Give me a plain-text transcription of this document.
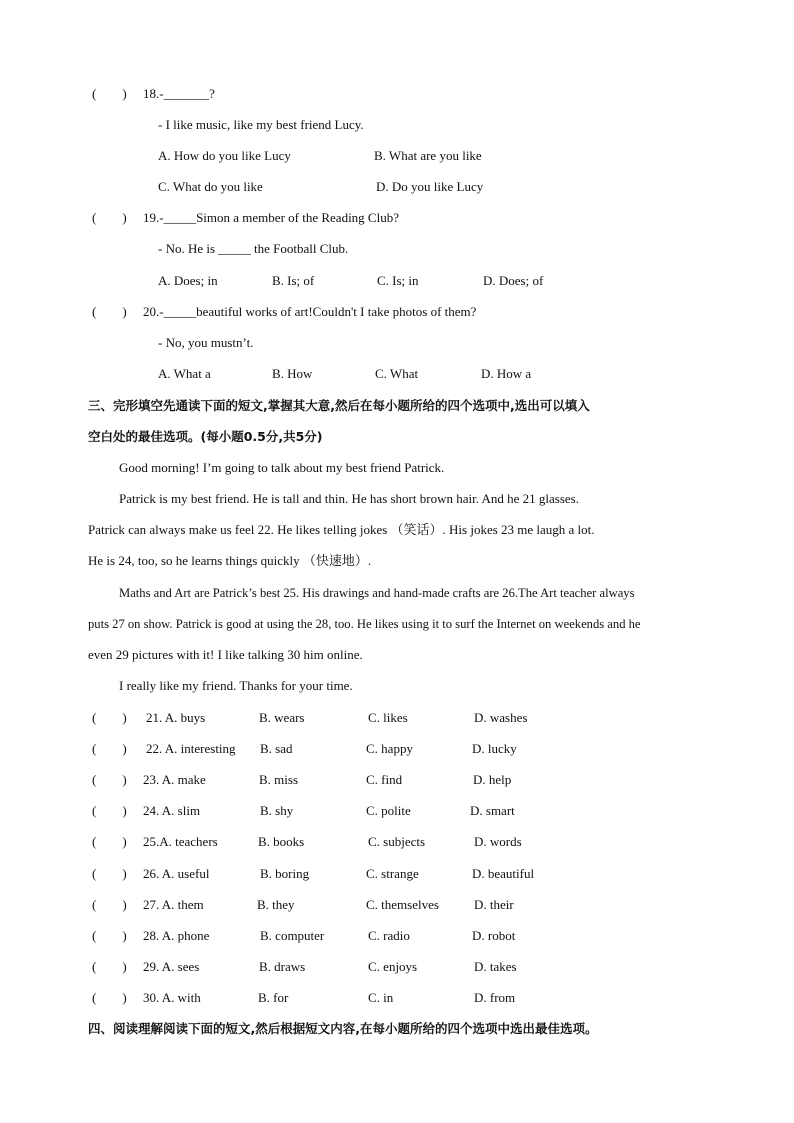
(　　) 18.-_______?
- I like music, like my best friend Lucy.
A. How do you like Lucy	B. What are you like
C. What do you like	D. Do you like Lucy
(　　) 19.-_____Simon a member of the Reading Club?
- No. He is _____ the Football Club.
A. Does; in	B. Is; of	C. Is; in	D. Does; of
(　　) 20.-_____beautiful works of art!Couldn't I take photos of them?
- No, you mustn’t.
A. What a	B. How	C. What	D. How a
三、完形填空先通读下面的短文,掌握其大意,然后在每小题所给的四个选项中,选出可以填入
空白处的最佳选项。(每小题0.5分,共5分)
Good morning! I’m going to talk about my best friend Patrick.
Patrick is my best friend. He is tall and thin. He has short brown hair. And he 21 glasses.
Patrick can always make us feel 22. He likes telling jokes （笑话）. His jokes 23 me laugh a lot.
He is 24, too, so he learns things quickly （快速地）.
Maths and Art are Patrick’s best 25. His drawings and hand-made crafts are 26.The Art teacher always
puts 27 on show. Patrick is good at using the 28, too. He likes using it to surf the Internet on weekends and he
even 29 pictures with it! I like talking 30 him online.
I really like my friend. Thanks for your time.
(　　) 21. A. buys	B. wears	C. likes	D. washes
(　　) 22. A. interesting B. sad	C. happy	D. lucky
(　　) 23. A. make	B. miss	C. find	D. help
(　　) 24. A. slim	B. shy	C. polite	D. smart
(　　) 25.A. teachers	B. books	C. subjects	D. words
(　　) 26. A. useful	B. boring	C. strange	D. beautiful
(　　) 27. A. them	B. they	C. themselves	D. their
(　　) 28. A. phone	B. computer	C. radio	D. robot
(　　) 29. A. sees	B. draws	C. enjoys	D. takes
(　　) 30. A. with	B. for	C. in	D. from
四、阅读理解阅读下面的短文,然后根据短文内容,在每小题所给的四个选项中选出最佳选项。
